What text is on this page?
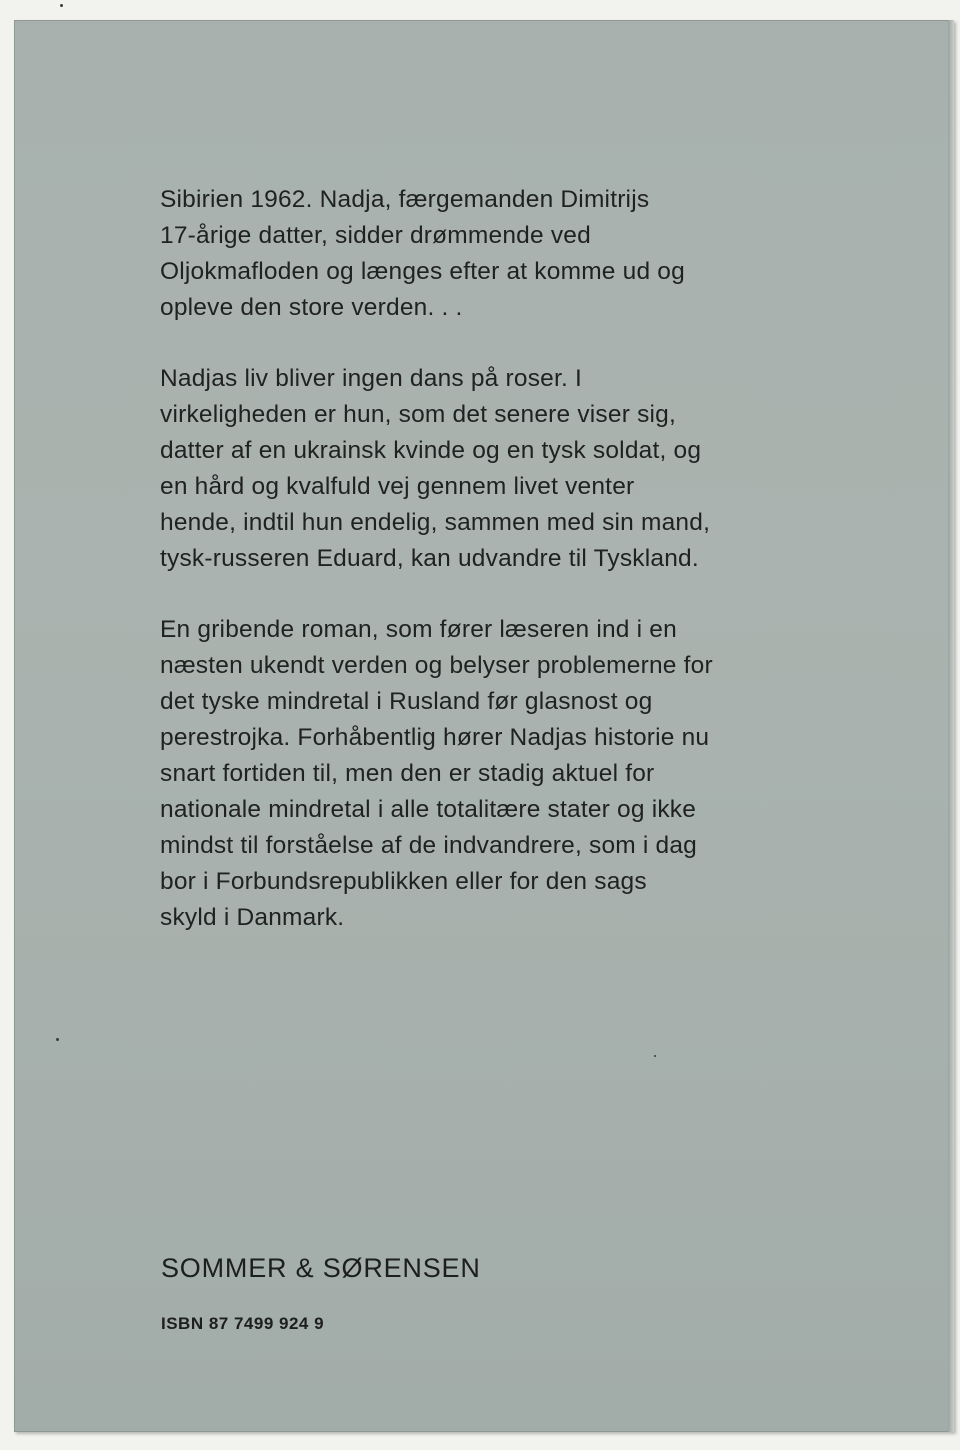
Sibirien 1962. Nadja, færgemanden Dimitrijs
17-årige datter, sidder drømmende ved
Oljokmafloden og længes efter at komme ud og
opleve den store verden. . .

Nadjas liv bliver ingen dans på roser. I
virkeligheden er hun, som det senere viser sig,
datter af en ukrainsk kvinde og en tysk soldat, og
en hård og kvalfuld vej gennem livet venter
hende, indtil hun endelig, sammen med sin mand,
tysk-russeren Eduard, kan udvandre til Tyskland.

En gribende roman, som fører læseren ind i en
næsten ukendt verden og belyser problemerne for
det tyske mindretal i Rusland før glasnost og
perestrojka. Forhåbentlig hører Nadjas historie nu
snart fortiden til, men den er stadig aktuel for
nationale mindretal i alle totalitære stater og ikke
mindst til forståelse af de indvandrere, som i dag
bor i Forbundsrepublikken eller for den sags
skyld i Danmark.

SOMMER & SØRENSEN
ISBN 87 7499 924 9
